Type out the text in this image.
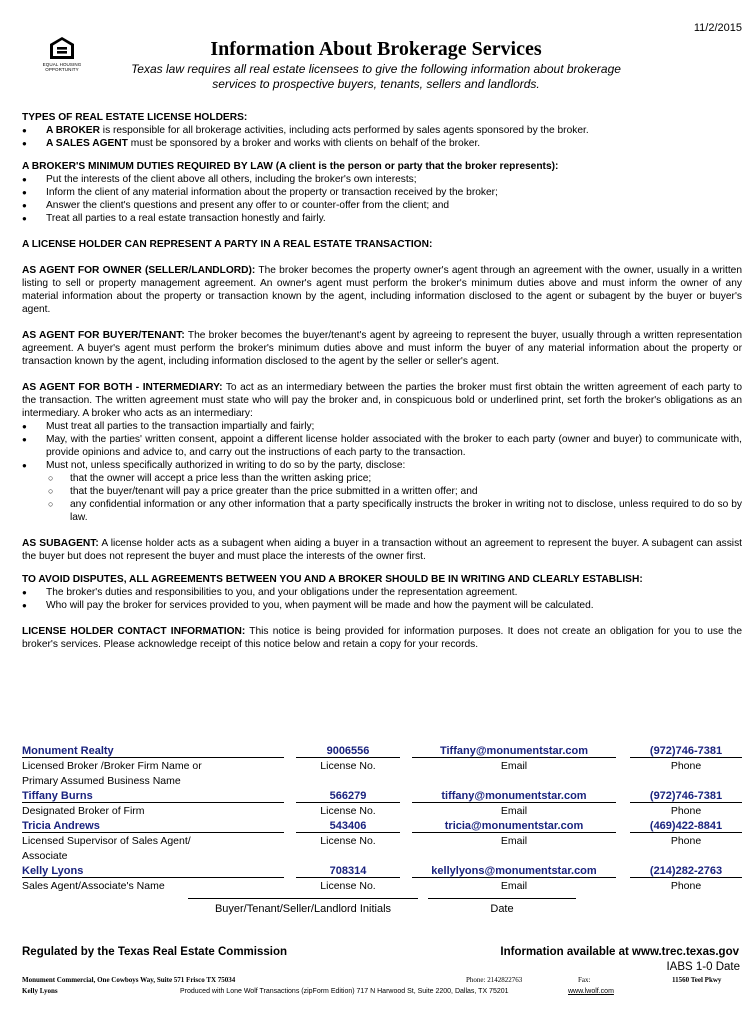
11/2/2015
EQUAL HOUSING OPPORTUNITY
Information About Brokerage Services
Texas law requires all real estate licensees to give the following information about brokerage services to prospective buyers, tenants, sellers and landlords.
TYPES OF REAL ESTATE LICENSE HOLDERS:
● A BROKER is responsible for all brokerage activities, including acts performed by sales agents sponsored by the broker.
● A SALES AGENT must be sponsored by a broker and works with clients on behalf of the broker.
A BROKER'S MINIMUM DUTIES REQUIRED BY LAW (A client is the person or party that the broker represents):
● Put the interests of the client above all others, including the broker's own interests;
● Inform the client of any material information about the property or transaction received by the broker;
● Answer the client's questions and present any offer to or counter-offer from the client; and
● Treat all parties to a real estate transaction honestly and fairly.
A LICENSE HOLDER CAN REPRESENT A PARTY IN A REAL ESTATE TRANSACTION:

AS AGENT FOR OWNER (SELLER/LANDLORD): The broker becomes the property owner's agent through an agreement with the owner, usually in a written listing to sell or property management agreement. An owner's agent must perform the broker's minimum duties above and must inform the owner of any material information about the property or transaction known by the agent, including information disclosed to the agent or subagent by the buyer or buyer's agent.

AS AGENT FOR BUYER/TENANT: The broker becomes the buyer/tenant's agent by agreeing to represent the buyer, usually through a written representation agreement. A buyer's agent must perform the broker's minimum duties above and must inform the buyer of any material information about the property or transaction known by the agent, including information disclosed to the agent by the seller or seller's agent.

AS AGENT FOR BOTH - INTERMEDIARY: To act as an intermediary between the parties the broker must first obtain the written agreement of each party to the transaction. The written agreement must state who will pay the broker and, in conspicuous bold or underlined print, set forth the broker's obligations as an intermediary. A broker who acts as an intermediary:

● Must treat all parties to the transaction impartially and fairly;
● May, with the parties' written consent, appoint a different license holder associated with the broker to each party (owner and buyer) to communicate with, provide opinions and advice to, and carry out the instructions of each party to the transaction.
● Must not, unless specifically authorized in writing to do so by the party, disclose:
○ that the owner will accept a price less than the written asking price;
○ that the buyer/tenant will pay a price greater than the price submitted in a written offer; and
○ any confidential information or any other information that a party specifically instructs the broker in writing not to disclose, unless required to do so by law.

AS SUBAGENT: A license holder acts as a subagent when aiding a buyer in a transaction without an agreement to represent the buyer. A subagent can assist the buyer but does not represent the buyer and must place the interests of the owner first.

TO AVOID DISPUTES, ALL AGREEMENTS BETWEEN YOU AND A BROKER SHOULD BE IN WRITING AND CLEARLY ESTABLISH:
● The broker's duties and responsibilities to you, and your obligations under the representation agreement.
● Who will pay the broker for services provided to you, when payment will be made and how the payment will be calculated.

LICENSE HOLDER CONTACT INFORMATION: This notice is being provided for information purposes. It does not create an obligation for you to use the broker's services. Please acknowledge receipt of this notice below and retain a copy for your records.

Monument Realty	9006556	Tiffany@monumentstar.com	(972)746-7381
Licensed Broker /Broker Firm Name or	License No.	Email	Phone
Primary Assumed Business Name
Tiffany Burns	566279	tiffany@monumentstar.com	(972)746-7381
Designated Broker of Firm	License No.	Email	Phone
Tricia Andrews	543406	tricia@monumentstar.com	(469)422-8841
Licensed Supervisor of Sales Agent/	License No.	Email	Phone
Associate
Kelly Lyons	708314	kellylyons@monumentstar.com	(214)282-2763
Sales Agent/Associate's Name	License No.	Email	Phone
Buyer/Tenant/Seller/Landlord Initials	Date
Regulated by the Texas Real Estate Commission	Information available at www.trec.texas.gov
IABS 1-0 Date
Monument Commercial, One Cowboys Way, Suite 571 Frisco TX 75034	Phone: 2142822763	Fax:	11560 Teel Pkwy
Kelly Lyons	Produced with Lone Wolf Transactions (zipForm Edition) 717 N Harwood St, Suite 2200, Dallas, TX 75201	www.lwolf.com
